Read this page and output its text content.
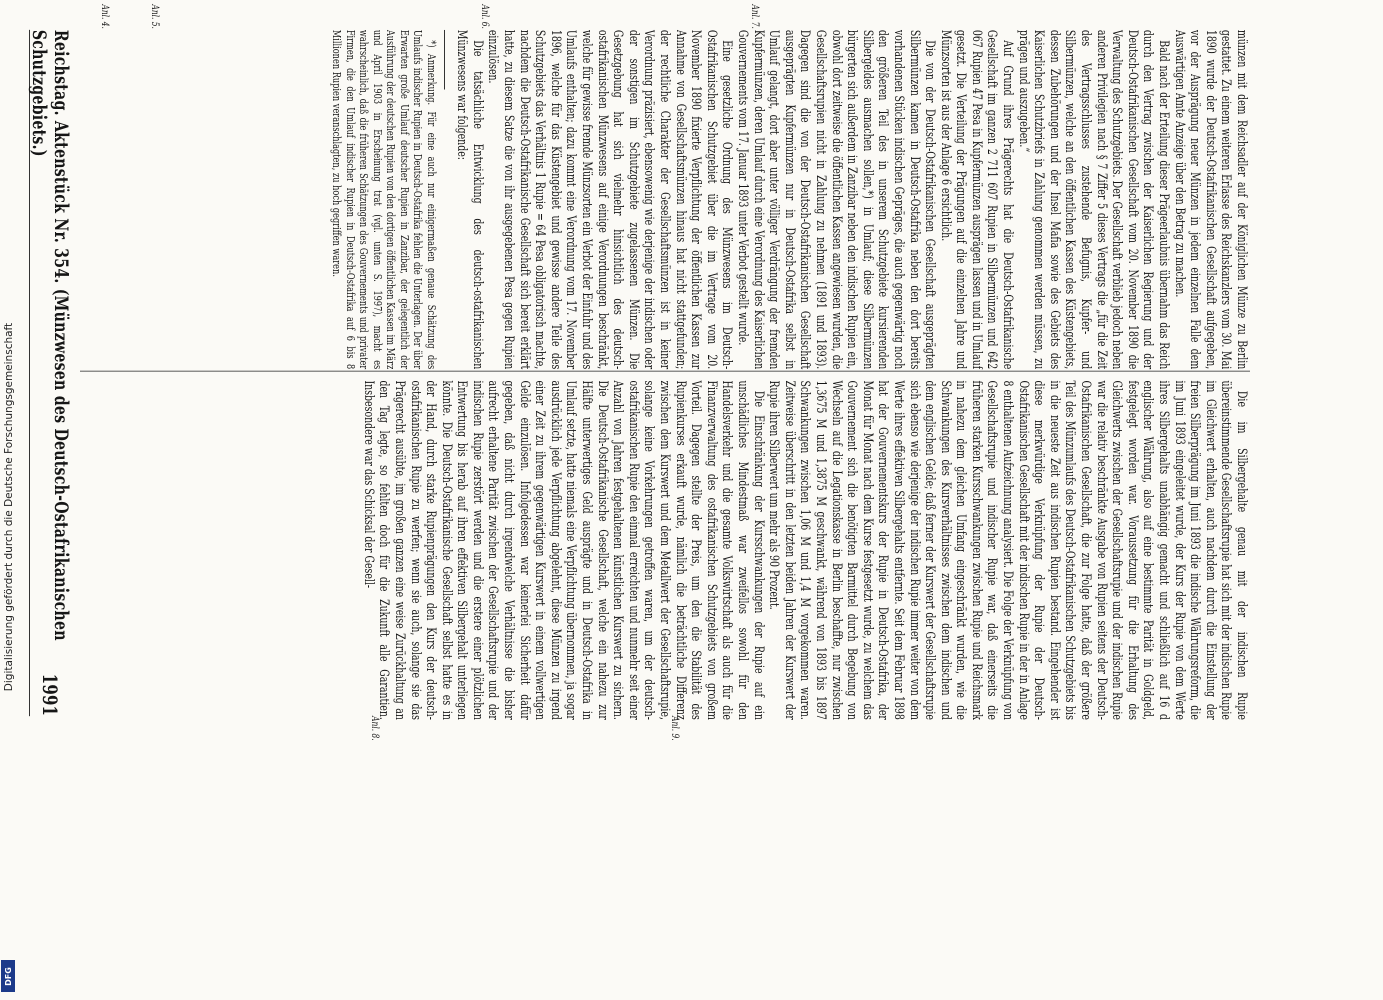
Digitalisierung gefördert durch die Deutsche Forschungsgemeinschaft
DFG
Reichstag. Aktenstück Nr. 354. (Münzwesen des Deutsch-Ostafrikanischen Schutzgebiets.)
1991

münzen mit dem Reichsadler auf der Königlichen Münze zu Berlin gestattet. Zu einem weiteren Erlasse des Reichskanzlers vom 30. Mai 1890 wurde der Deutsch-Ostafrikanischen Gesellschaft aufgegeben, vor der Ausprägung neuer Münzen in jedem einzelnen Falle dem Auswärtigen Amte Anzeige über den Betrag zu machen.

Bald nach der Erteilung dieser Prägeerlaubnis übernahm das Reich durch den Vertrag zwischen der Kaiserlichen Regierung und der Deutsch-Ostafrikanischen Gesellschaft vom 20. November 1890 die Verwaltung des Schutzgebiets. Der Gesellschaft verblieb jedoch neben anderen Privilegien nach § 7 Ziffer 5 dieses Vertrags die „für die Zeit des Vertragsschlusses zustehende Befugnis, Kupfer- und Silbermünzen, welche an den öffentlichen Kassen des Küstengebiets, dessen Zubehörungen und der Insel Mafia sowie des Gebiets des Kaiserlichen Schutzbriefs in Zahlung genommen werden müssen, zu prägen und auszugeben.“

Auf Grund ihres Prägerechts hat die Deutsch-Ostafrikanische Gesellschaft im ganzen 2 711 607 Rupien in Silbermünzen und 642 067 Rupien 47 Pesa in Kupfermünzen ausprägen lassen und in Umlauf gesetzt. Die Verteilung der Prägungen auf die einzelnen Jahre und Münzsorten ist aus der Anlage 6 ersichtlich.

Die von der Deutsch-Ostafrikanischen Gesellschaft ausgeprägten Silbermünzen kamen in Deutsch-Ostafrika neben den dort bereits vorhandenen Stücken indischen Gepräges, die auch gegenwärtig noch den größeren Teil des in unserem Schutzgebiete kursierenden Silbergeldes ausmachen sollen,*) in Umlauf; diese Silbermünzen bürgerten sich außerdem in Zanzibar neben den indischen Rupien ein, obwohl dort zeitweise die öffentlichen Kassen angewiesen wurden, die Gesellschaftsrupien nicht in Zahlung zu nehmen (1891 und 1893). Dagegen sind die von der Deutsch-Ostafrikanischen Gesellschaft ausgeprägten Kupfermünzen nur in Deutsch-Ostafrika selbst in Umlauf gelangt, dort aber unter völliger Verdrängung der fremden Kupfermünzen, deren Umlauf durch eine Verordnung des Kaiserlichen Gouvernements vom 17. Januar 1893 unter Verbot gestellt wurde.

Eine gesetzliche Ordnung des Münzwesens im Deutsch-Ostafrikanischen Schutzgebiet über die im Vertrage vom 20. November 1890 fixierte Verpflichtung der öffentlichen Kassen zur Annahme von Gesellschaftsmünzen hinaus hat nicht stattgefunden; der rechtliche Charakter der Gesellschaftsmünzen ist in keiner Verordnung präzisiert, ebensowenig wie derjenige der indischen oder der sonstigen im Schutzgebiete zugelassenen Münzen. Die Gesetzgebung hat sich vielmehr hinsichtlich des deutsch-ostafrikanischen Münzwesens auf einige Verordnungen beschränkt, welche für gewisse fremde Münzsorten ein Verbot der Einfuhr und des Umlaufs enthalten; dazu kommt eine Verordnung vom 17. November 1896, welche für das Küstengebiet und gewisse andere Teile des Schutzgebiets das Verhältnis 1 Rupie = 64 Pesa obligatorisch machte, nachdem die Deutsch-Ostafrikanische Gesellschaft sich bereit erklärt hatte, zu diesem Satze die von ihr ausgegebenen Pesa gegen Rupien einzulösen.

Die tatsächliche Entwicklung des deutsch-ostafrikanischen Münzwesens war folgende:

*) Anmerkung. Für eine auch nur einigermaßen genaue Schätzung des Umlaufs indischer Rupien in Deutsch-Ostafrika fehlen die Unterlagen. Der über Erwarten große Umlauf deutscher Rupien in Zanzibar, der gelegentlich der Ausführung der deutschen Rupien von den dortigen öffentlichen Kassen im März und April 1903 in Erscheinung trat (vgl. unten S. 1997), macht es wahrscheinlich, daß die früheren Schätzungen des Gouvernements und privater Firmen, die den Umlauf indischer Rupien in Deutsch-Ostafrika auf 6 bis 8 Millionen Rupien veranschlagten, zu hoch gegriffen waren.

Die im Silbergehalte genau mit der indischen Rupie übereinstimmende Gesellschaftsrupie hat sich mit der indischen Rupie im Gleichwert erhalten, auch nachdem durch die Einstellung der freien Silberprägung im Juni 1893 die indische Währungsreform, die im Juni 1893 eingeleitet wurde, der Kurs der Rupie von dem Werte ihres Silbergehalts unabhängig gemacht und schließlich auf 16 d englischer Währung, also auf eine bestimmte Parität in Goldgeld, festgelegt worden war. Voraussetzung für die Erhaltung des Gleichwerts zwischen der Gesellschaftsrupie und der indischen Rupie war die relativ beschränkte Ausgabe von Rupien seitens der Deutsch-Ostafrikanischen Gesellschaft, die zur Folge hatte, daß der größere Teil des Münzumlaufs des Deutsch-Ostafrikanischen Schutzgebiets bis in die neueste Zeit aus indischen Rupien bestand. Eingehender ist diese merkwürdige Verknüpfung der Rupie der Deutsch-Ostafrikanischen Gesellschaft mit der indischen Rupie in der in Anlage 8 enthaltenen Aufzeichnung analysiert. Die Folge der Verknüpfung von Gesellschaftsrupie und indischer Rupie war, daß einerseits die früheren starken Kursschwankungen zwischen Rupie und Reichsmark in nahezu dem gleichen Umfang eingeschränkt wurden, wie die Schwankungen des Kursverhältnisses zwischen dem indischen und dem englischen Gelde; daß ferner der Kurswert der Gesellschaftsrupie sich ebenso wie derjenige der indischen Rupie immer weiter von dem Werte ihres effektiven Silbergehalts entfernte. Seit dem Februar 1898 hat der Gouvernementskurs der Rupie in Deutsch-Ostafrika, der Monat für Monat nach dem Kurse festgesetzt wurde, zu welchem das Gouvernement sich die benötigten Barmittel durch Begebung von Wechseln auf die Legationskasse in Berlin beschaffte, nur zwischen 1,3675 M und 1,3875 M geschwankt, während von 1893 bis 1897 Schwankungen zwischen 1,06 M und 1,4 M vorgekommen waren. Zeitweise überschritt in den letzten beiden Jahren der Kurswert der Rupie ihren Silberwert um mehr als 90 Prozent.

Die Einschränkung der Kursschwankungen der Rupie auf ein unschädliches Mindestmaß war zweifellos sowohl für den Handelsverkehr und die gesamte Volkswirtschaft als auch für die Finanzverwaltung des ostafrikanischen Schutzgebiets von großem Vorteil. Dagegen stellte der Preis, um den die Stabilität des Rupienkurses erkauft wurde, nämlich die beträchtliche Differenz zwischen dem Kurswert und dem Metallwert der Gesellschaftsrupie, solange keine Vorkehrungen getroffen waren, um der deutsch-ostafrikanischen Rupie den einmal erreichten und nunmehr seit einer Anzahl von Jahren festgehaltenen künstlichen Kurswert zu sichern. Die Deutsch-Ostafrikanische Gesellschaft, welche ein nahezu zur Hälfte unterwertiges Geld ausprägte und in Deutsch-Ostafrika in Umlauf setzte, hatte niemals eine Verpflichtung übernommen, ja sogar ausdrücklich jede Verpflichtung abgelehnt, diese Münzen zu irgend einer Zeit zu ihrem gegenwärtigen Kurswert in einem vollwertigen Gelde einzulösen. Infolgedessen war keinerlei Sicherheit dafür gegeben, daß nicht durch irgendwelche Verhältnisse die bisher aufrecht erhaltene Parität zwischen der Gesellschaftsrupie und der indischen Rupie zerstört werden und die erstere einer plötzlichen Entwertung bis herab auf ihren effektiven Silbergehalt unterliegen könnte. Die Deutsch-Ostafrikanische Gesellschaft selbst hatte es in der Hand, durch starke Rupienprägungen den Kurs der deutsch-ostafrikanischen Rupie zu werfen; wenn sie auch, solange sie das Prägerecht ausübte, im großen ganzen eine weise Zurückhaltung an den Tag legte, so fehlten doch für die Zukunft alle Garantien. Insbesondere war das Schicksal der Gesell-

Anl. 4.	Anl. 5.	Anl. 6.	Anl. 7.
Anl. 8.	Anl. 9.
